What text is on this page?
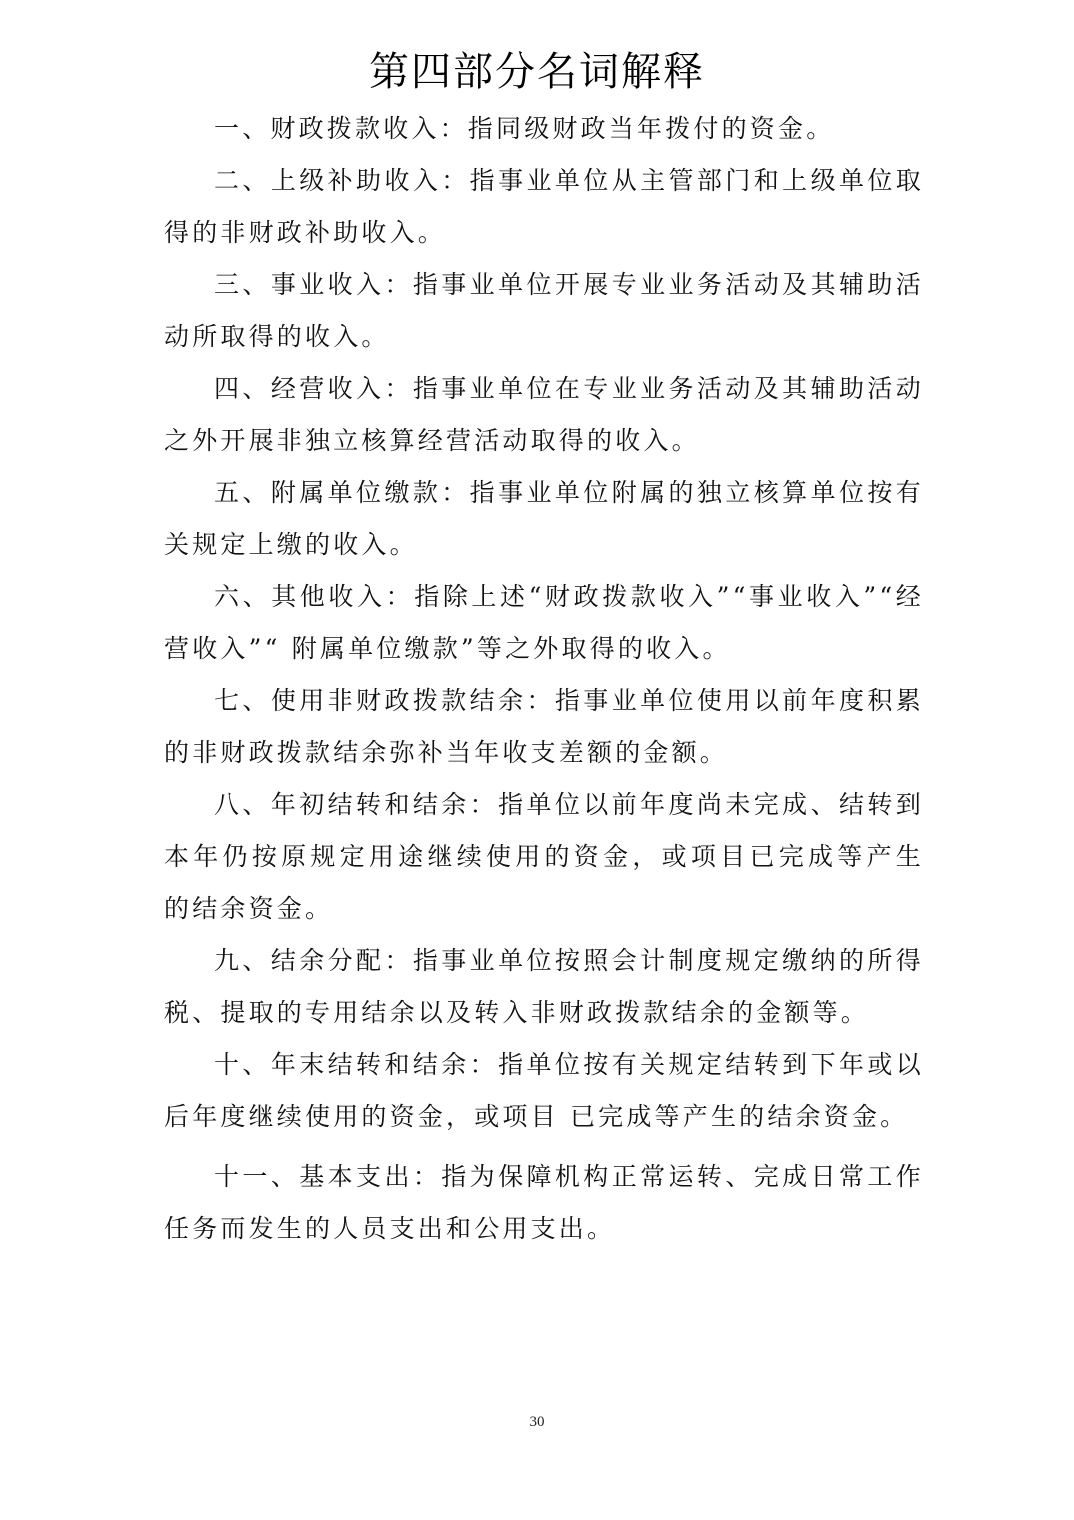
第四部分名词解释

一、财政拨款收入：指同级财政当年拨付的资金。

二、上级补助收入：指事业单位从主管部门和上级单位取得的非财政补助收入。

三、事业收入：指事业单位开展专业业务活动及其辅助活动所取得的收入。

四、经营收入：指事业单位在专业业务活动及其辅助活动之外开展非独立核算经营活动取得的收入。

五、附属单位缴款：指事业单位附属的独立核算单位按有关规定上缴的收入。

六、其他收入：指除上述“财政拨款收入”“事业收入”“经营收入”“ 附属单位缴款”等之外取得的收入。

七、使用非财政拨款结余：指事业单位使用以前年度积累的非财政拨款结余弥补当年收支差额的金额。

八、年初结转和结余：指单位以前年度尚未完成、结转到本年仍按原规定用途继续使用的资金，或项目已完成等产生的结余资金。

九、结余分配：指事业单位按照会计制度规定缴纳的所得税、提取的专用结余以及转入非财政拨款结余的金额等。

十、年末结转和结余：指单位按有关规定结转到下年或以后年度继续使用的资金，或项目 已完成等产生的结余资金。

十一、基本支出：指为保障机构正常运转、完成日常工作任务而发生的人员支出和公用支出。

30
